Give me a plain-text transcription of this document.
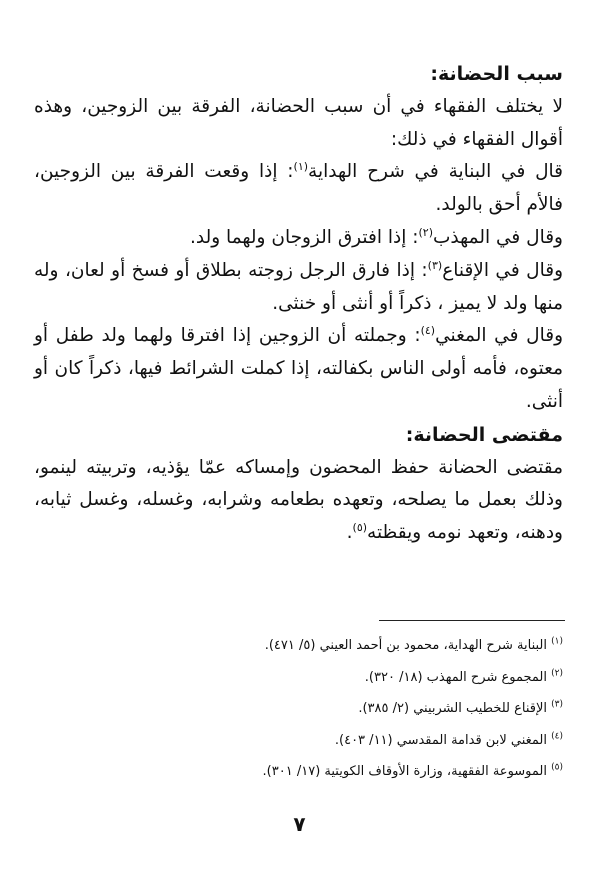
سبب الحضانة:

لا يختلف الفقهاء في أن سبب الحضانة، الفرقة بين الزوجين، وهذه أقوال الفقهاء في ذلك:

قال في البناية في شرح الهداية$^{(١)}$: إذا وقعت الفرقة بين الزوجين، فالأم أحق بالولد.

وقال في المهذب$^{(٢)}$: إذا افترق الزوجان ولهما ولد.

وقال في الإقناع$^{(٣)}$: إذا فارق الرجل زوجته بطلاق أو فسخ أو لعان، وله منها ولد لا يميز ، ذكراً أو أنثى أو خنثى.

وقال في المغني$^{(٤)}$: وجملته أن الزوجين إذا افترقا ولهما ولد طفل أو معتوه، فأمه أولى الناس بكفالته، إذا كملت الشرائط فيها، ذكراً كان أو أنثى.

مقتضى الحضانة:

مقتضى الحضانة حفظ المحضون وإمساكه عمّا يؤذيه، وتربيته لينمو، وذلك بعمل ما يصلحه، وتعهده بطعامه وشرابه، وغسله، وغسل ثيابه، ودهنه، وتعهد نومه ويقظته$^{(٥)}$.

$^{(١)}$ البناية شرح الهداية، محمود بن أحمد العيني (٥/ ٤٧١).
$^{(٢)}$ المجموع شرح المهذب (١٨/ ٣٢٠).
$^{(٣)}$ الإقناع للخطيب الشربيني (٢/ ٣٨٥).
$^{(٤)}$ المغني لابن قدامة المقدسي (١١/ ٤٠٣).
$^{(٥)}$ الموسوعة الفقهية، وزارة الأوقاف الكويتية (١٧/ ٣٠١).
٧
